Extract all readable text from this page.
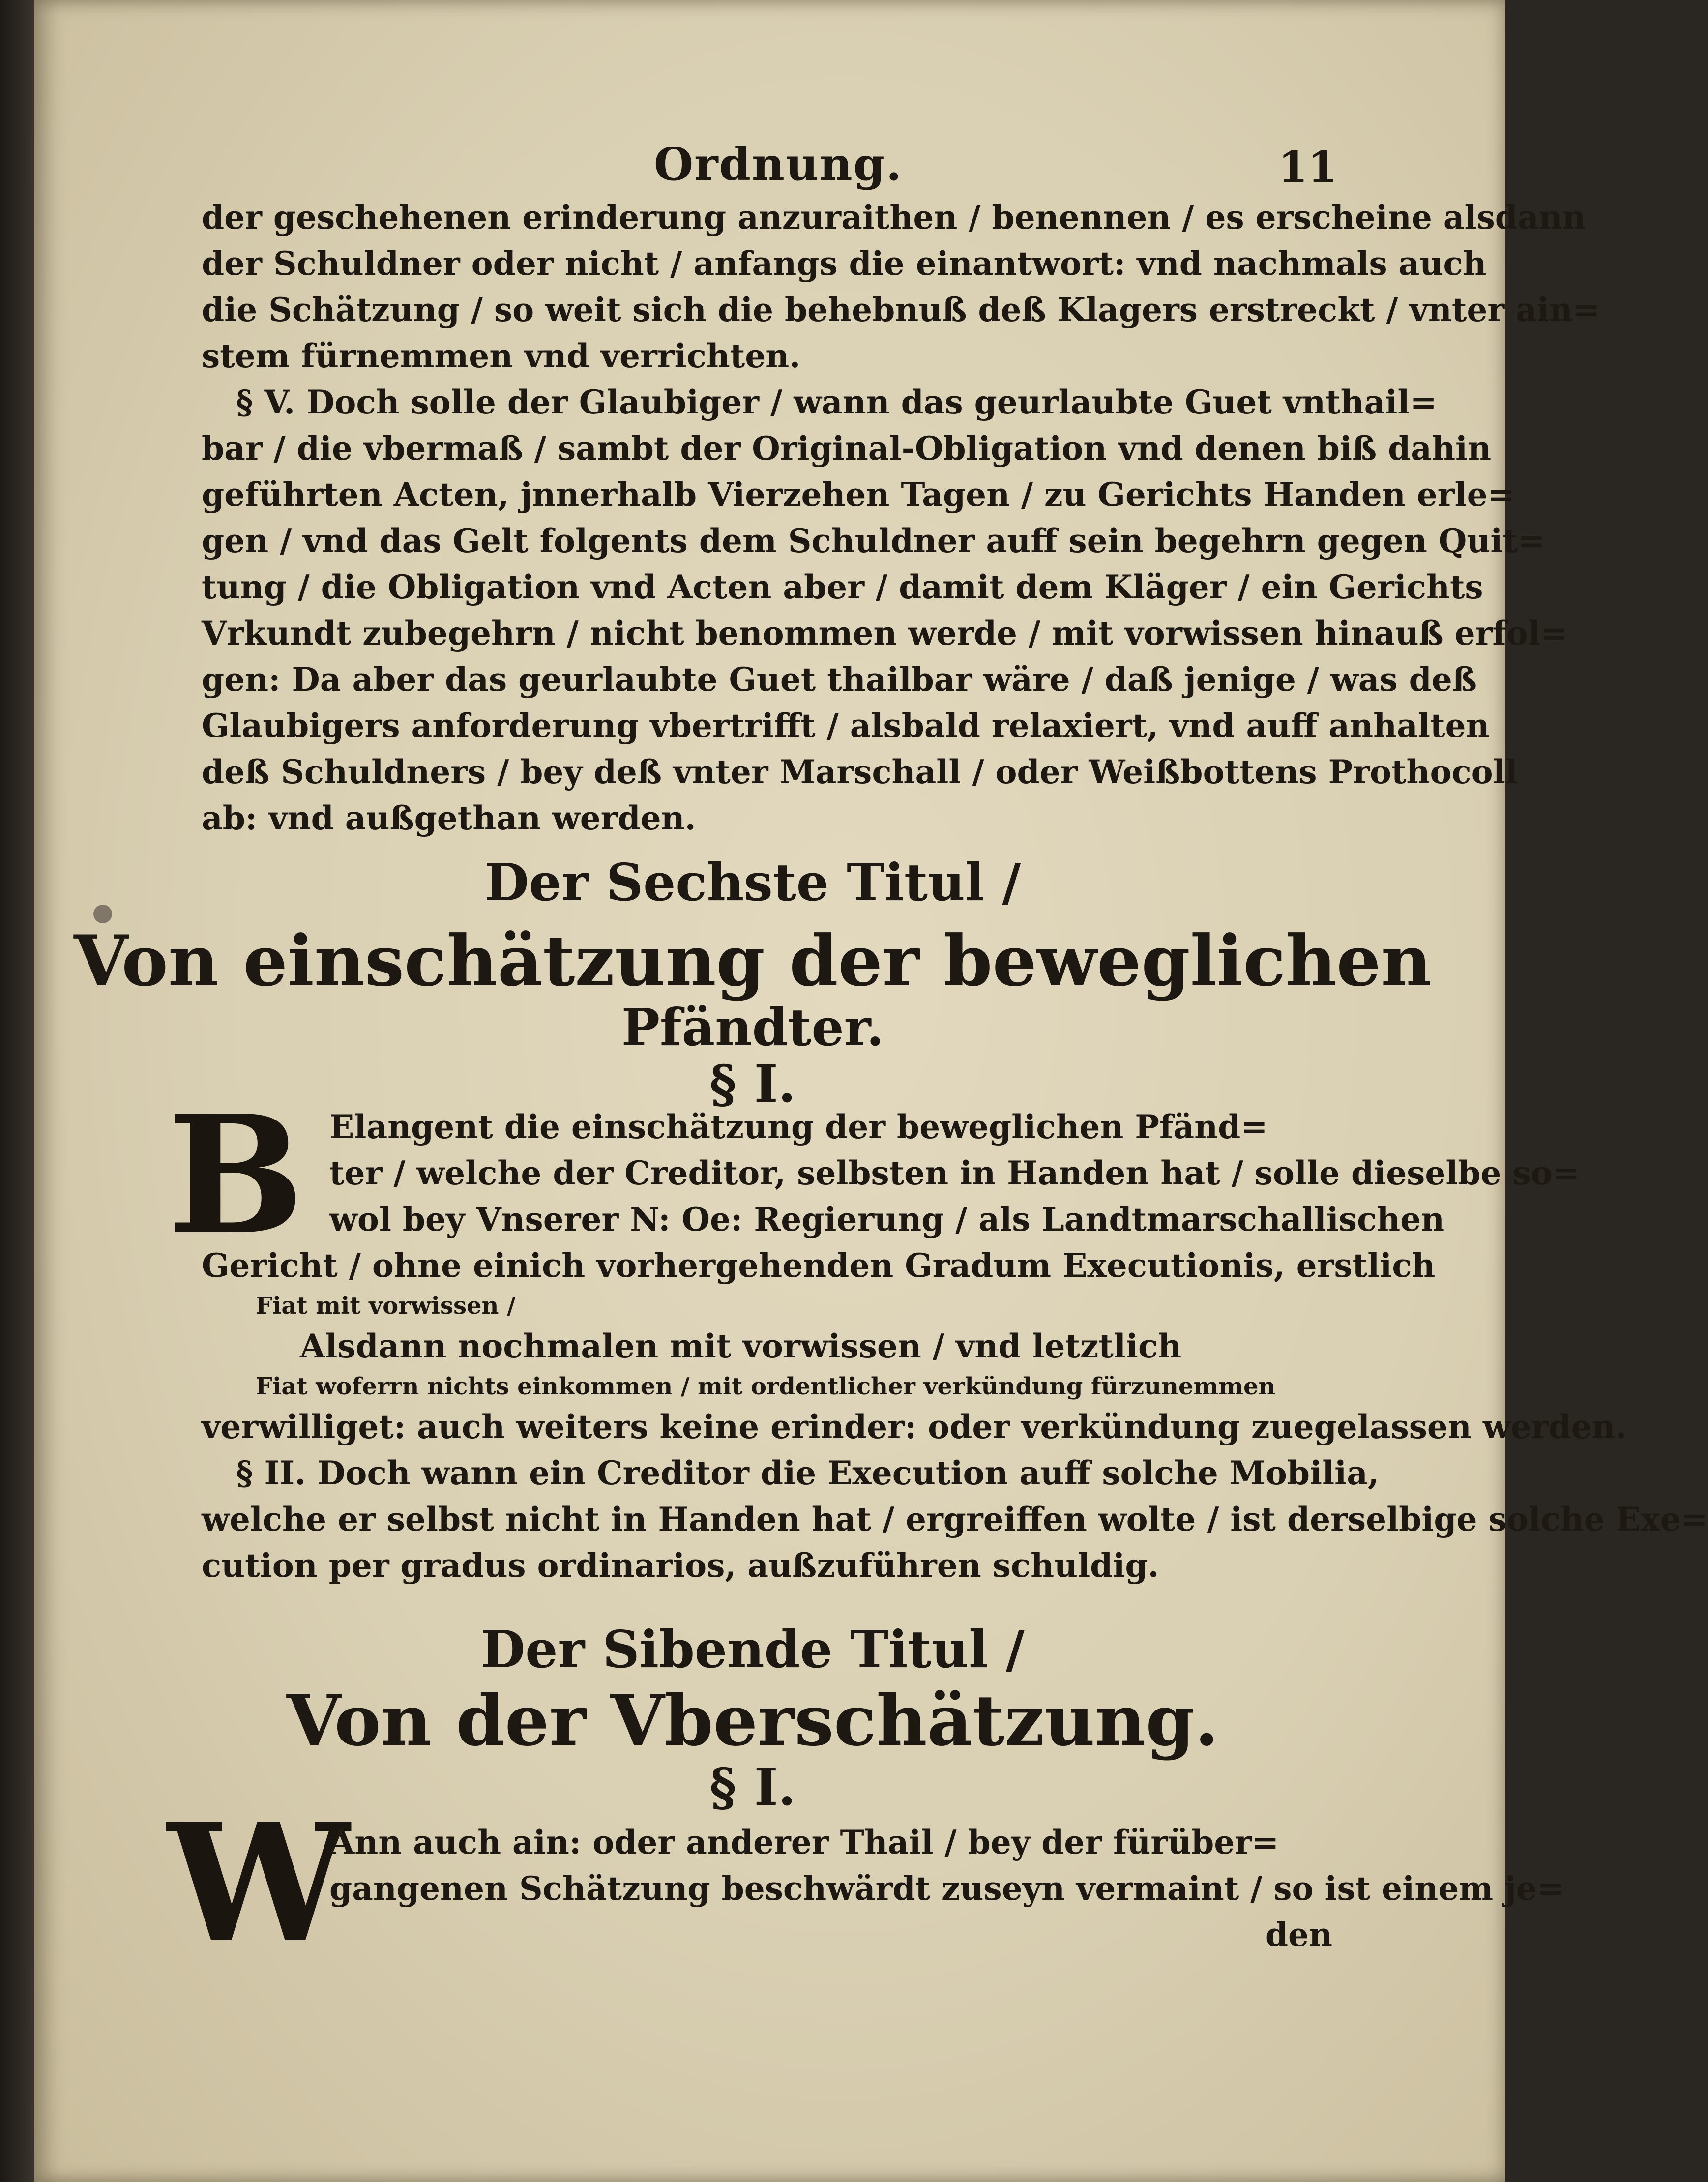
Ordnung.	11
der geschehenen erinderung anzuraithen / benennen / es erscheine alsdann
der Schuldner oder nicht / anfangs die einantwort: vnd nachmals auch
die Schätzung / so weit sich die behebnuß deß Klagers erstreckt / vnter ain=
stem fürnemmen vnd verrichten.
§ V. Doch solle der Glaubiger / wann das geurlaubte Guet vnthail=
bar / die vbermaß / sambt der Original-Obligation vnd denen biß dahin
geführten Acten, jnnerhalb Vierzehen Tagen / zu Gerichts Handen erle=
gen / vnd das Gelt folgents dem Schuldner auff sein begehrn gegen Quit=
tung / die Obligation vnd Acten aber / damit dem Kläger / ein Gerichts
Vrkundt zubegehrn / nicht benommen werde / mit vorwissen hinauß erfol=
gen: Da aber das geurlaubte Guet thailbar wäre / daß jenige / was deß
Glaubigers anforderung vbertrifft / alsbald relaxiert, vnd auff anhalten
deß Schuldners / bey deß vnter Marschall / oder Weißbottens Prothocoll
ab: vnd außgethan werden.
Der Sechste Titul /
Von einschätzung der beweglichen
Pfändter.
§ I.
B Elangent die einschätzung der beweglichen Pfänd=
ter / welche der Creditor, selbsten in Handen hat / solle dieselbe so=
wol bey Vnserer N: Oe: Regierung / als Landtmarschallischen
Gericht / ohne einich vorhergehenden Gradum Executionis, erstlich
Fiat mit vorwissen /
Alsdann nochmalen mit vorwissen / vnd letztlich
Fiat woferrn nichts einkommen / mit ordentlicher verkündung fürzunemmen
verwilliget: auch weiters keine erinder: oder verkündung zuegelassen werden.
§ II. Doch wann ein Creditor die Execution auff solche Mobilia,
welche er selbst nicht in Handen hat / ergreiffen wolte / ist derselbige solche Exe=
cution per gradus ordinarios, außzuführen schuldig.
Der Sibende Titul /
Von der Vberschätzung.
§ I.
W
Ann auch ain: oder anderer Thail / bey der fürüber=
gangenen Schätzung beschwärdt zuseyn vermaint / so ist einem je=
den
